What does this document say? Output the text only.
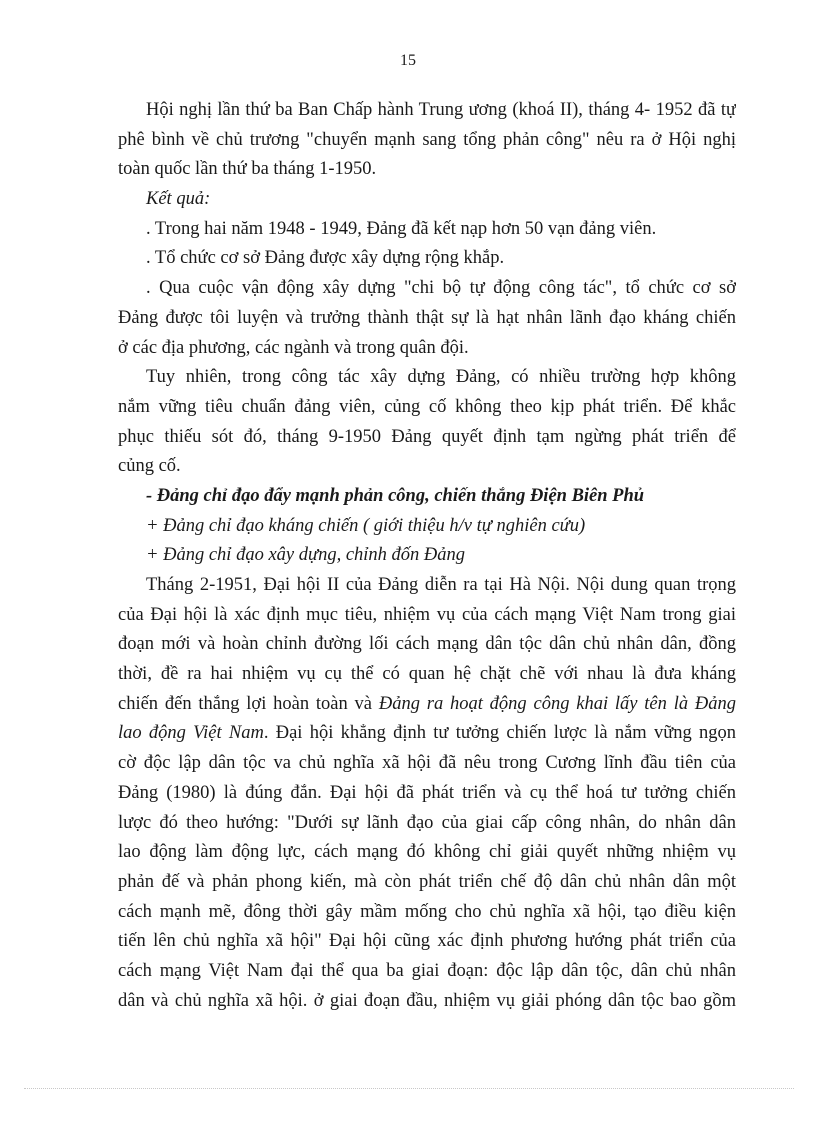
15
Hội nghị lần thứ ba Ban Chấp hành Trung ương (khoá II), tháng 4- 1952 đã tự
phê bình về chủ trương "chuyển mạnh sang tổng phản công" nêu ra ở Hội nghị
toàn quốc lần thứ ba tháng 1-1950.
Kết quả:
. Trong hai năm 1948 - 1949, Đảng đã kết nạp hơn 50 vạn đảng viên.
. Tổ chức cơ sở Đảng được xây dựng rộng khắp.
. Qua cuộc vận động xây dựng "chi bộ tự động công tác", tổ chức cơ sở
Đảng được tôi luyện và trưởng thành thật sự là hạt nhân lãnh đạo kháng chiến
ở các địa phương, các ngành và trong quân đội.
Tuy nhiên, trong công tác xây dựng Đảng, có nhiều trường hợp không
nắm vững tiêu chuẩn đảng viên, củng cố không theo kịp phát triển. Để khắc
phục thiếu sót đó, tháng 9-1950 Đảng quyết định tạm ngừng phát triển để
củng cố.
- Đảng chỉ đạo đẩy mạnh phản công, chiến thắng Điện Biên Phủ
+ Đảng chỉ đạo kháng chiến ( giới thiệu h/v tự nghiên cứu)
+ Đảng chỉ đạo xây dựng, chỉnh đốn Đảng
Tháng 2-1951, Đại hội II của Đảng diễn ra tại Hà Nội. Nội dung quan trọng
của Đại hội là xác định mục tiêu, nhiệm vụ của cách mạng Việt Nam trong giai
đoạn mới và hoàn chỉnh đường lối cách mạng dân tộc dân chủ nhân dân, đồng
thời, đề ra hai nhiệm vụ cụ thể có quan hệ chặt chẽ với nhau là đưa kháng
chiến đến thắng lợi hoàn toàn và Đảng ra hoạt động công khai lấy tên là Đảng
lao động Việt Nam. Đại hội khẳng định tư tưởng chiến lược là nắm vững ngọn
cờ độc lập dân tộc va chủ nghĩa xã hội đã nêu trong Cương lĩnh đầu tiên của
Đảng (1980) là đúng đắn. Đại hội đã phát triển và cụ thể hoá tư tưởng chiến
lược đó theo hướng: "Dưới sự lãnh đạo của giai cấp công nhân, do nhân dân
lao động làm động lực, cách mạng đó không chỉ giải quyết những nhiệm vụ
phản đế và phản phong kiến, mà còn phát triển chế độ dân chủ nhân dân một
cách mạnh mẽ, đông thời gây mầm mống cho chủ nghĩa xã hội, tạo điều kiện
tiến lên chủ nghĩa xã hội" Đại hội cũng xác định phương hướng phát triển của
cách mạng Việt Nam đại thể qua ba giai đoạn: độc lập dân tộc, dân chủ nhân
dân và chủ nghĩa xã hội. ở giai đoạn đầu, nhiệm vụ giải phóng dân tộc bao gồm
